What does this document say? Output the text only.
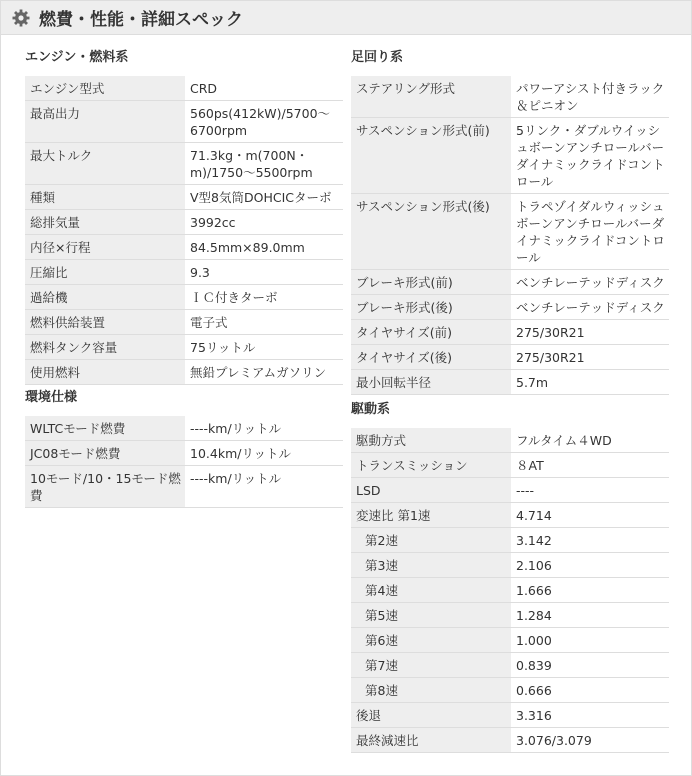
燃費・性能・詳細スペック
エンジン・燃料系
エンジン型式	CRD
最高出力	560ps(412kW)/5700〜6700rpm
最大トルク	71.3kg・m(700N・m)/1750〜5500rpm
種類	V型8気筒DOHCICターボ
総排気量	3992cc
内径×行程	84.5mm×89.0mm
圧縮比	9.3
過給機	ＩＣ付きターボ
燃料供給装置	電子式
燃料タンク容量	75リットル
使用燃料	無鉛プレミアムガソリン
環境仕様
WLTCモード燃費	----km/リットル
JC08モード燃費	10.4km/リットル
10モード/10・15モード燃費	----km/リットル
足回り系
ステアリング形式	パワーアシスト付きラック＆ピニオン
サスペンション形式(前)	5リンク・ダブルウイッシュボーンアンチロールバーダイナミックライドコントロール
サスペンション形式(後)	トラペゾイダルウィッシュボーンアンチロールバーダイナミックライドコントロール
ブレーキ形式(前)	ベンチレーテッドディスク
ブレーキ形式(後)	ベンチレーテッドディスク
タイヤサイズ(前)	275/30R21
タイヤサイズ(後)	275/30R21
最小回転半径	5.7m
駆動系
駆動方式	フルタイム４WD
トランスミッション	８AT
LSD	----
変速比 第1速	4.714
第2速	3.142
第3速	2.106
第4速	1.666
第5速	1.284
第6速	1.000
第7速	0.839
第8速	0.666
後退	3.316
最終減速比	3.076/3.079
